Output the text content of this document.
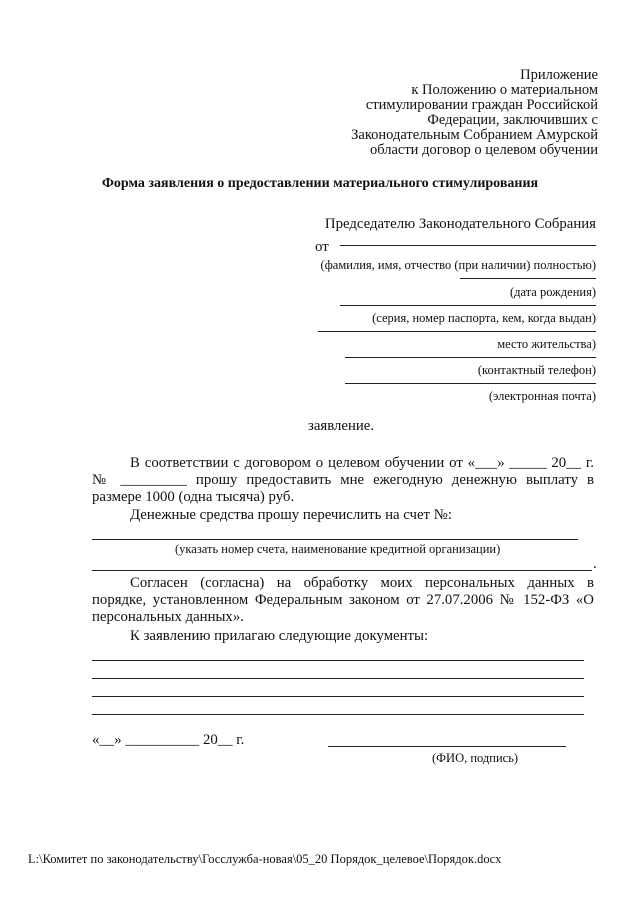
Приложение
к Положению о материальном
стимулировании граждан Российской
Федерации, заключивших с
Законодательным Собранием Амурской
области договор о целевом обучении
Форма заявления о предоставлении материального стимулирования
Председателю Законодательного Собрания
от
(фамилия, имя, отчество (при наличии) полностью)
(дата рождения)
(серия, номер паспорта, кем, когда выдан)
место жительства)
(контактный телефон)
(электронная почта)
заявление.
В соответствии с договором о целевом обучении от «___» _____ 20__ г.
№ _________ прошу предоставить мне ежегодную денежную выплату в
размере 1000 (одна тысяча) руб.
Денежные средства прошу перечислить на счет №:
(указать номер счета, наименование кредитной организации)
.
Согласен (согласна) на обработку моих персональных данных в
порядке, установленном Федеральным законом от 27.07.2006 № 152-ФЗ «О
персональных данных».
К заявлению прилагаю следующие документы:
«__» __________ 20__ г.
(ФИО, подпись)
L:\Комитет по законодательству\Госслужба-новая\05_20 Порядок_целевое\Порядок.docx
